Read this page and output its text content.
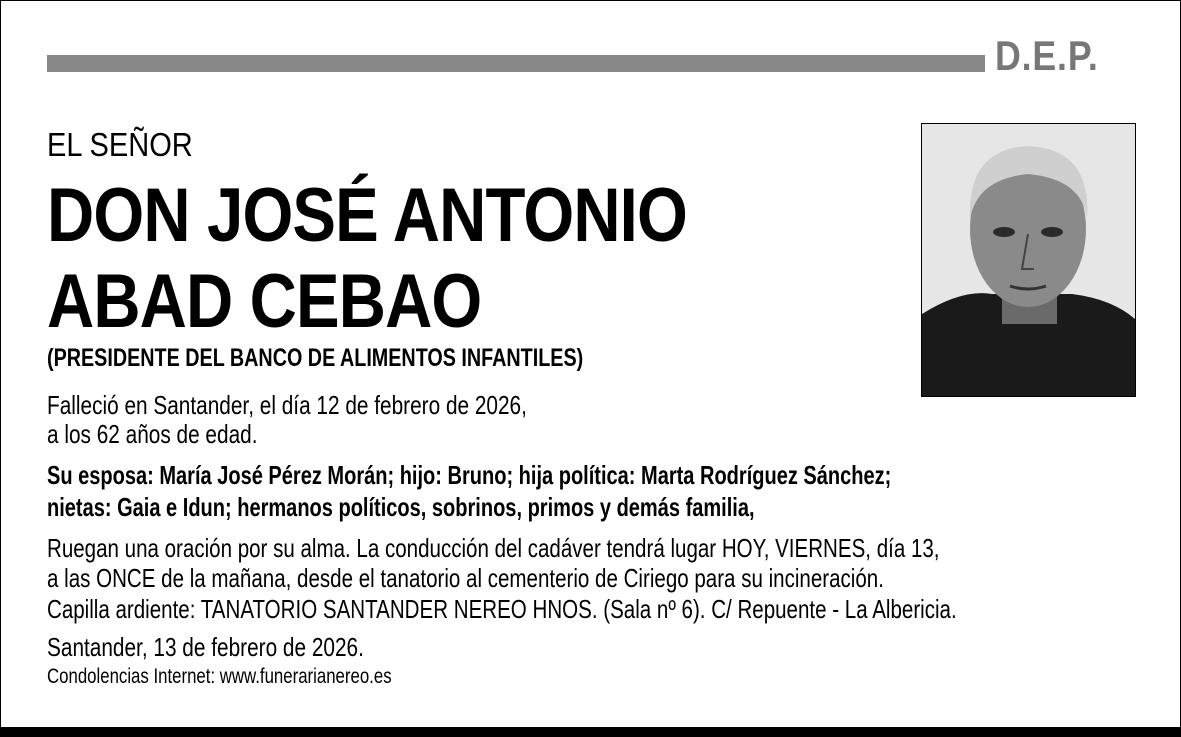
D.E.P.
EL SEÑOR
DON JOSÉ ANTONIO
ABAD CEBAO
(PRESIDENTE DEL BANCO DE ALIMENTOS INFANTILES)
Falleció en Santander, el día 12 de febrero de 2026,
a los 62 años de edad.
Su esposa: María José Pérez Morán; hijo: Bruno; hija política: Marta Rodríguez Sánchez;
nietas: Gaia e Idun; hermanos políticos, sobrinos, primos y demás familia,
Ruegan una oración por su alma. La conducción del cadáver tendrá lugar HOY, VIERNES, día 13,
a las ONCE de la mañana, desde el tanatorio al cementerio de Ciriego para su incineración.
Capilla ardiente: TANATORIO SANTANDER NEREO HNOS. (Sala nº 6). C/ Repuente - La Albericia.
Santander, 13 de febrero de 2026.
Condolencias Internet: www.funerarianereo.es
